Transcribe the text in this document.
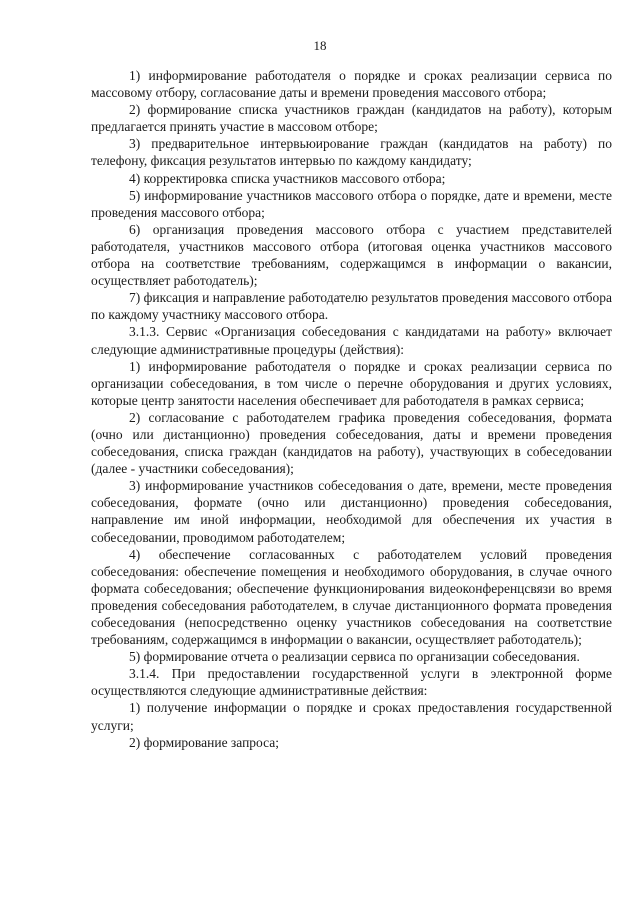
18

1) информирование работодателя о порядке и сроках реализации сервиса по массовому отбору, согласование даты и времени проведения массового отбора;

2) формирование списка участников граждан (кандидатов на работу), которым предлагается принять участие в массовом отборе;

3) предварительное интервьюирование граждан (кандидатов на работу) по телефону, фиксация результатов интервью по каждому кандидату;

4) корректировка списка участников массового отбора;

5) информирование участников массового отбора о порядке, дате и времени, месте проведения массового отбора;

6) организация проведения массового отбора с участием представителей работодателя, участников массового отбора (итоговая оценка участников массового отбора на соответствие требованиям, содержащимся в информации о вакансии, осуществляет работодатель);

7) фиксация и направление работодателю результатов проведения массового отбора по каждому участнику массового отбора.

3.1.3. Сервис «Организация собеседования с кандидатами на работу» включает следующие административные процедуры (действия):

1) информирование работодателя о порядке и сроках реализации сервиса по организации собеседования, в том числе о перечне оборудования и других условиях, которые центр занятости населения обеспечивает для работодателя в рамках сервиса;

2) согласование с работодателем графика проведения собеседования, формата (очно или дистанционно) проведения собеседования, даты и времени проведения собеседования, списка граждан (кандидатов на работу), участвующих в собеседовании (далее - участники собеседования);

3) информирование участников собеседования о дате, времени, месте проведения собеседования, формате (очно или дистанционно) проведения собеседования, направление им иной информации, необходимой для обеспечения их участия в собеседовании, проводимом работодателем;

4) обеспечение согласованных с работодателем условий проведения собеседования: обеспечение помещения и необходимого оборудования, в случае очного формата собеседования; обеспечение функционирования видеоконференцсвязи во время проведения собеседования работодателем, в случае дистанционного формата проведения собеседования (непосредственно оценку участников собеседования на соответствие требованиям, содержащимся в информации о вакансии, осуществляет работодатель);

5) формирование отчета о реализации сервиса по организации собеседования.

3.1.4. При предоставлении государственной услуги в электронной форме осуществляются следующие административные действия:

1) получение информации о порядке и сроках предоставления государственной услуги;

2) формирование запроса;
